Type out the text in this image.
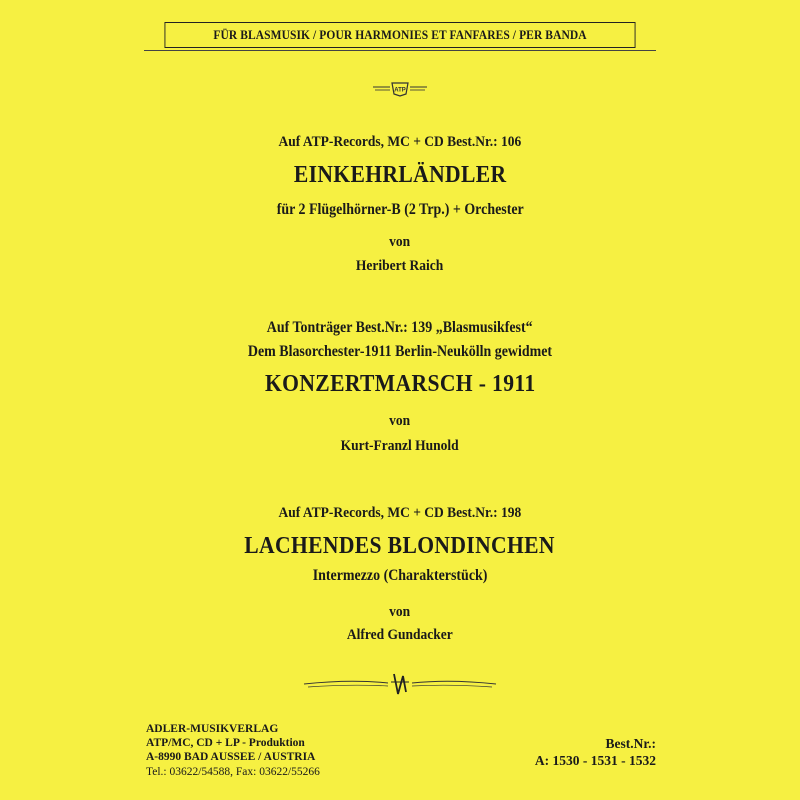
FÜR BLASMUSIK / POUR HARMONIES ET FANFARES / PER BANDA
ATP
Auf ATP-Records, MC + CD Best.Nr.: 106
EINKEHRLÄNDLER
für 2 Flügelhörner-B (2 Trp.) + Orchester
von
Heribert Raich
Auf Tonträger Best.Nr.: 139 „Blasmusikfest“
Dem Blasorchester-1911 Berlin-Neukölln gewidmet
KONZERTMARSCH - 1911
von
Kurt-Franzl Hunold
Auf ATP-Records, MC + CD Best.Nr.: 198
LACHENDES BLONDINCHEN
Intermezzo (Charakterstück)
von
Alfred Gundacker
ADLER-MUSIKVERLAG
ATP/MC, CD + LP - Produktion
A-8990 BAD AUSSEE / AUSTRIA
Tel.: 03622/54588, Fax: 03622/55266
Best.Nr.:
A: 1530 - 1531 - 1532
